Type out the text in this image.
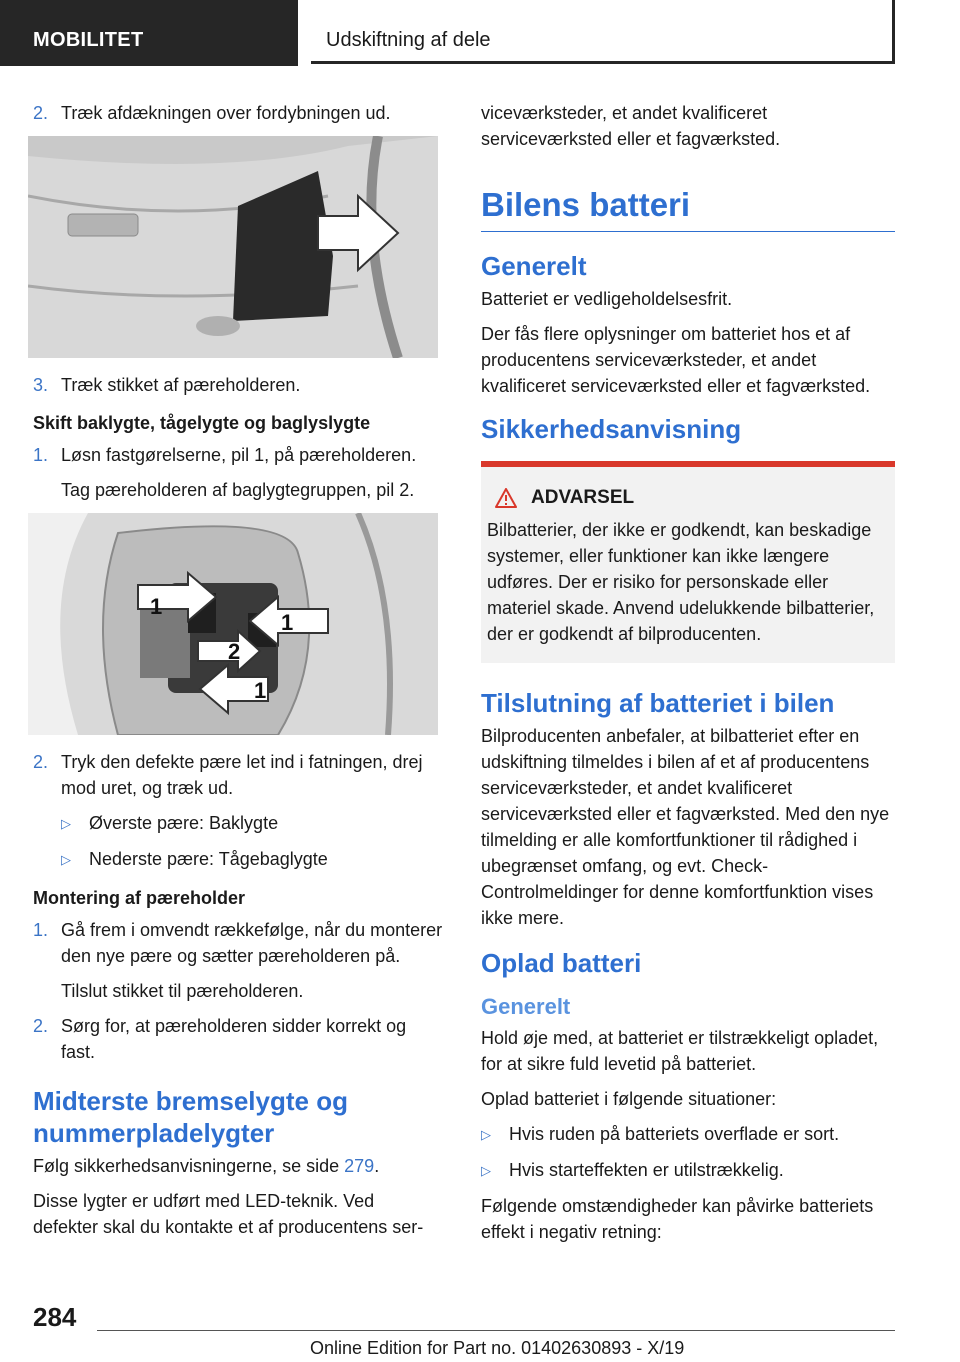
MOBILITET	Udskiftning af dele
2. Træk afdækningen over fordybningen ud.
3. Træk stikket af pæreholderen.
Skift baklygte, tågelygte og baglyslygte
1. Løsn fastgørelserne, pil 1, på pæreholderen.
Tag pæreholderen af baglygtegruppen, pil 2.
1
1
2
1
2. Tryk den defekte pære let ind i fatningen, drej mod uret, og træk ud.
▷	Øverste pære: Baklygte
▷	Nederste pære: Tågebaglygte
Montering af pæreholder
1. Gå frem i omvendt rækkefølge, når du monterer den nye pære og sætter pæreholderen på.
Tilslut stikket til pæreholderen.
2. Sørg for, at pæreholderen sidder korrekt og fast.
Midterste bremselygte og nummerpladelygter

Følg sikkerhedsanvisningerne, se side 279.

Disse lygter er udført med LED-teknik. Ved defekter skal du kontakte et af producentens ser-

viceværksteder, et andet kvalificeret serviceværksted eller et fagværksted.

Bilens batteri
Generelt

Batteriet er vedligeholdelsesfrit.

Der fås flere oplysninger om batteriet hos et af producentens serviceværksteder, et andet kvalificeret serviceværksted eller et fagværksted.

Sikkerhedsanvisning
ADVARSEL

Bilbatterier, der ikke er godkendt, kan beskadige systemer, eller funktioner kan ikke længere udføres. Der er risiko for personskade eller materiel skade. Anvend udelukkende bilbatterier, der er godkendt af bilproducenten.

Tilslutning af batteriet i bilen

Bilproducenten anbefaler, at bilbatteriet efter en udskiftning tilmeldes i bilen af et af producentens serviceværksteder, et andet kvalificeret serviceværksted eller et fagværksted. Med den nye tilmelding er alle komfortfunktioner til rådighed i ubegrænset omfang, og evt. Check-Controlmeldinger for denne komfortfunktion vises ikke mere.

Oplad batteri
Generelt

Hold øje med, at batteriet er tilstrækkeligt opladet, for at sikre fuld levetid på batteriet.

Oplad batteriet i følgende situationer:

▷	Hvis ruden på batteriets overflade er sort.
▷	Hvis starteffekten er utilstrækkelig.

Følgende omstændigheder kan påvirke batteriets effekt i negativ retning:

284
Online Edition for Part no. 01402630893 - X/19
